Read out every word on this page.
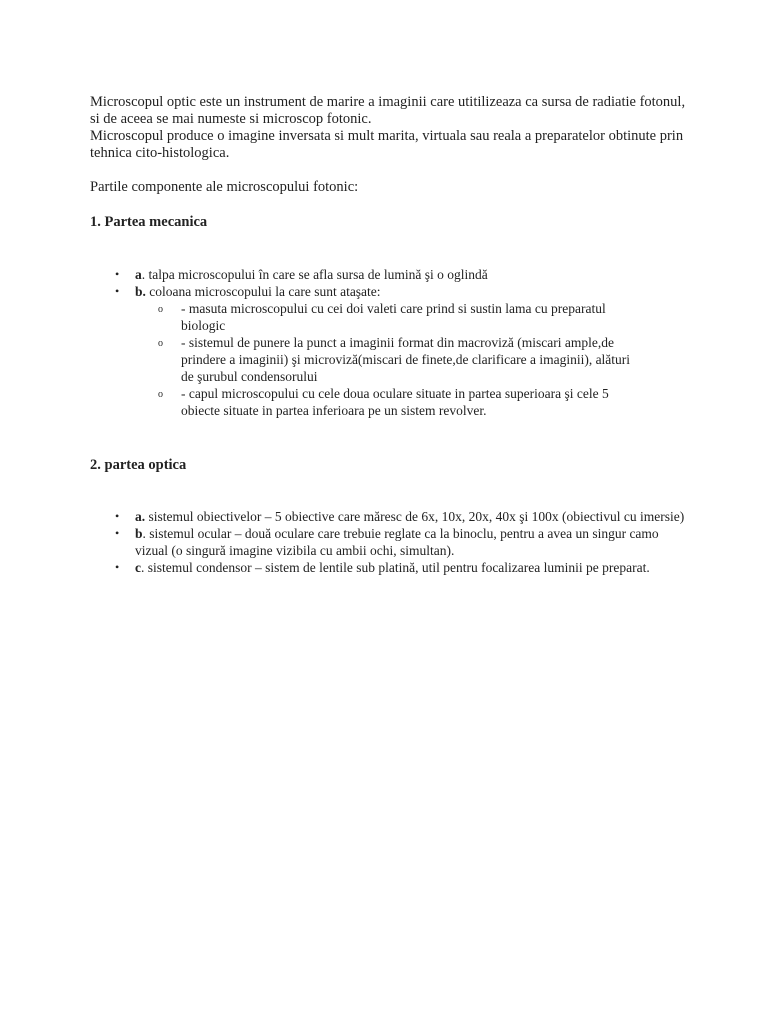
Microscopul optic este un instrument de marire a imaginii care utitilizeaza ca sursa de radiatie fotonul, si de aceea se mai numeste si microscop fotonic.

Microscopul produce o imagine inversata si mult marita, virtuala sau reala a preparatelor obtinute prin tehnica cito-histologica.

Partile componente ale microscopului fotonic:

1. Partea mecanica

• a. talpa microscopului în care se afla sursa de lumină şi o oglindă
• b. coloana microscopului la care sunt ataşate:
o - masuta microscopului cu cei doi valeti care prind si sustin lama cu preparatul biologic
o - sistemul de punere la punct a imaginii format din macroviză (miscari ample,de prindere a imaginii) şi microviză(miscari de finete,de clarificare a imaginii), alături de şurubul condensorului
o - capul microscopului cu cele doua oculare situate in partea superioara şi cele 5 obiecte situate in partea inferioara pe un sistem revolver.

2. partea optica

• a. sistemul obiectivelor – 5 obiective care măresc de 6x, 10x, 20x, 40x şi 100x (obiectivul cu imersie)
• b. sistemul ocular – două oculare care trebuie reglate ca la binoclu, pentru a avea un singur camo vizual (o singură imagine vizibila cu ambii ochi, simultan).
• c. sistemul condensor – sistem de lentile sub platină, util pentru focalizarea luminii pe preparat.
